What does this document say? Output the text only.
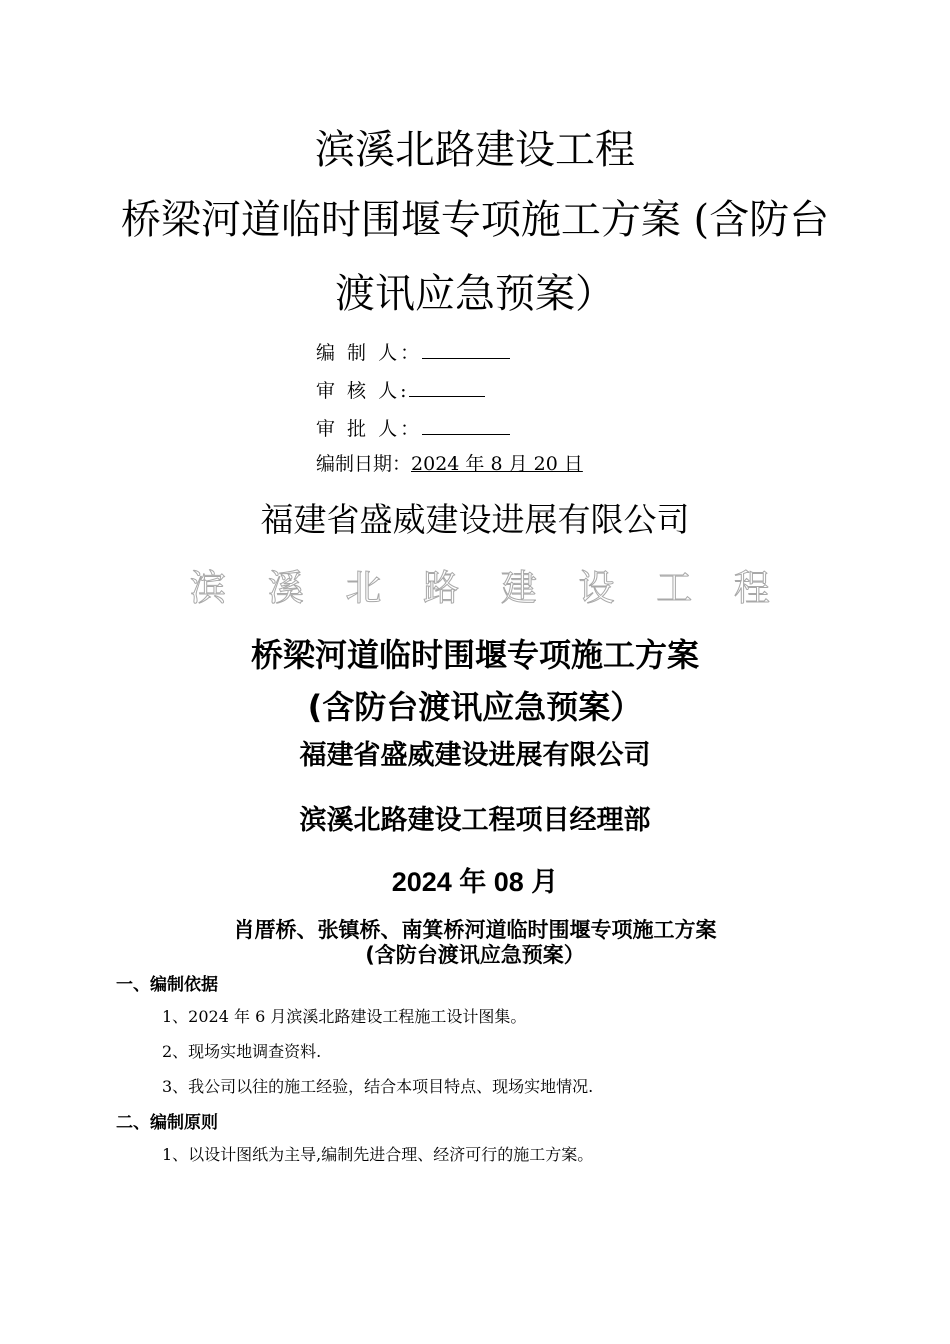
滨溪北路建设工程
桥梁河道临时围堰专项施工方案 (含防台
渡讯应急预案）
编 制 人：
审 核 人:
审 批 人：
编制日期：2024 年 8 月 20 日
福建省盛威建设进展有限公司
滨 溪 北 路 建 设 工 程
桥梁河道临时围堰专项施工方案
(含防台渡讯应急预案）
福建省盛威建设进展有限公司
滨溪北路建设工程项目经理部
2024 年 08 月
肖厝桥、张镇桥、南箕桥河道临时围堰专项施工方案
(含防台渡讯应急预案）
一、编制依据
1、2024 年 6 月滨溪北路建设工程施工设计图集。
2、现场实地调查资料.
3、我公司以往的施工经验，结合本项目特点、现场实地情况.
二、编制原则
1、以设计图纸为主导,编制先进合理、经济可行的施工方案。
